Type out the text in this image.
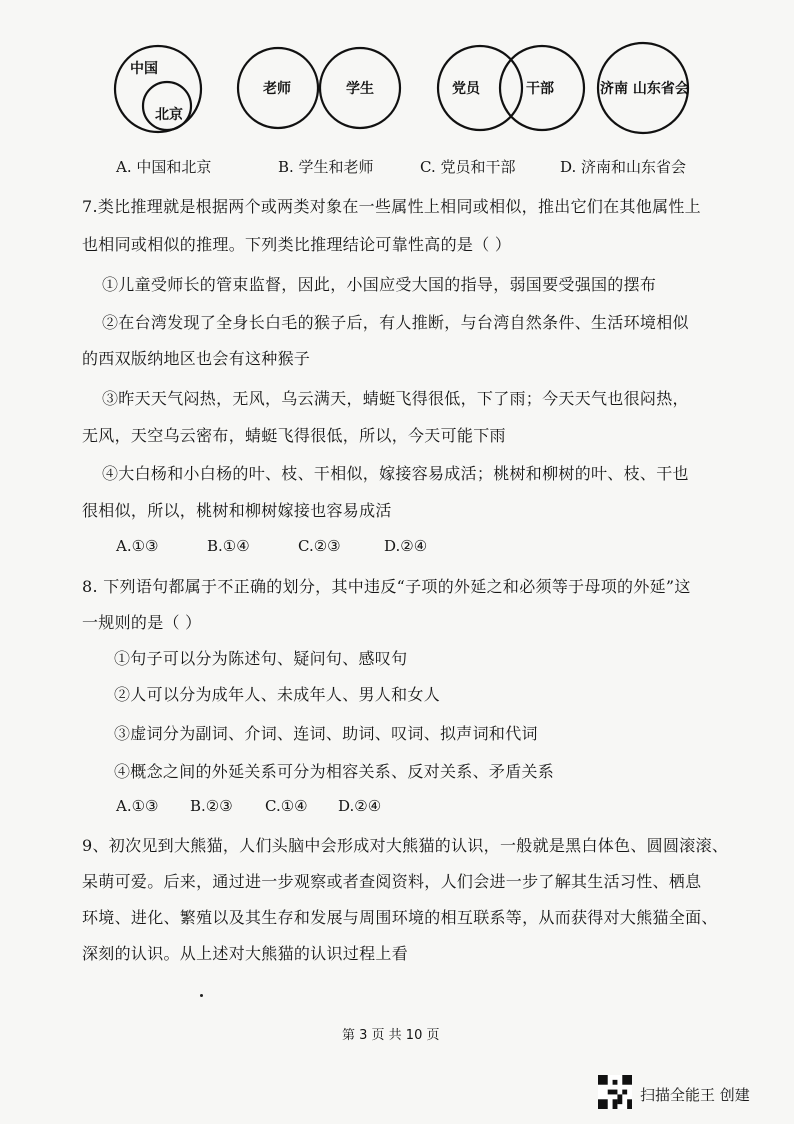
中国
北京
老师	学生	党员	干部	济南 山东省会
A. 中国和北京	B. 学生和老师	C. 党员和干部	D. 济南和山东省会
7.类比推理就是根据两个或两类对象在一些属性上相同或相似，推出它们在其他属性上
也相同或相似的推理。下列类比推理结论可靠性高的是（ ）
①儿童受师长的管束监督，因此，小国应受大国的指导，弱国要受强国的摆布
②在台湾发现了全身长白毛的猴子后，有人推断，与台湾自然条件、生活环境相似
的西双版纳地区也会有这种猴子
③昨天天气闷热，无风，乌云满天，蜻蜓飞得很低，下了雨；今天天气也很闷热，
无风，天空乌云密布，蜻蜓飞得很低，所以，今天可能下雨
④大白杨和小白杨的叶、枝、干相似，嫁接容易成活；桃树和柳树的叶、枝、干也
很相似，所以，桃树和柳树嫁接也容易成活
A.①③	B.①④	C.②③	D.②④
8. 下列语句都属于不正确的划分，其中违反“子项的外延之和必须等于母项的外延”这
一规则的是（ ）
①句子可以分为陈述句、疑问句、感叹句
②人可以分为成年人、未成年人、男人和女人
③虚词分为副词、介词、连词、助词、叹词、拟声词和代词
④概念之间的外延关系可分为相容关系、反对关系、矛盾关系
A.①③ B.②③ C.①④ D.②④
9、初次见到大熊猫，人们头脑中会形成对大熊猫的认识，一般就是黑白体色、圆圆滚滚、
呆萌可爱。后来，通过进一步观察或者查阅资料，人们会进一步了解其生活习性、栖息
环境、进化、繁殖以及其生存和发展与周围环境的相互联系等，从而获得对大熊猫全面、
深刻的认识。从上述对大熊猫的认识过程上看
第 3 页 共 10 页
扫描全能王 创建
